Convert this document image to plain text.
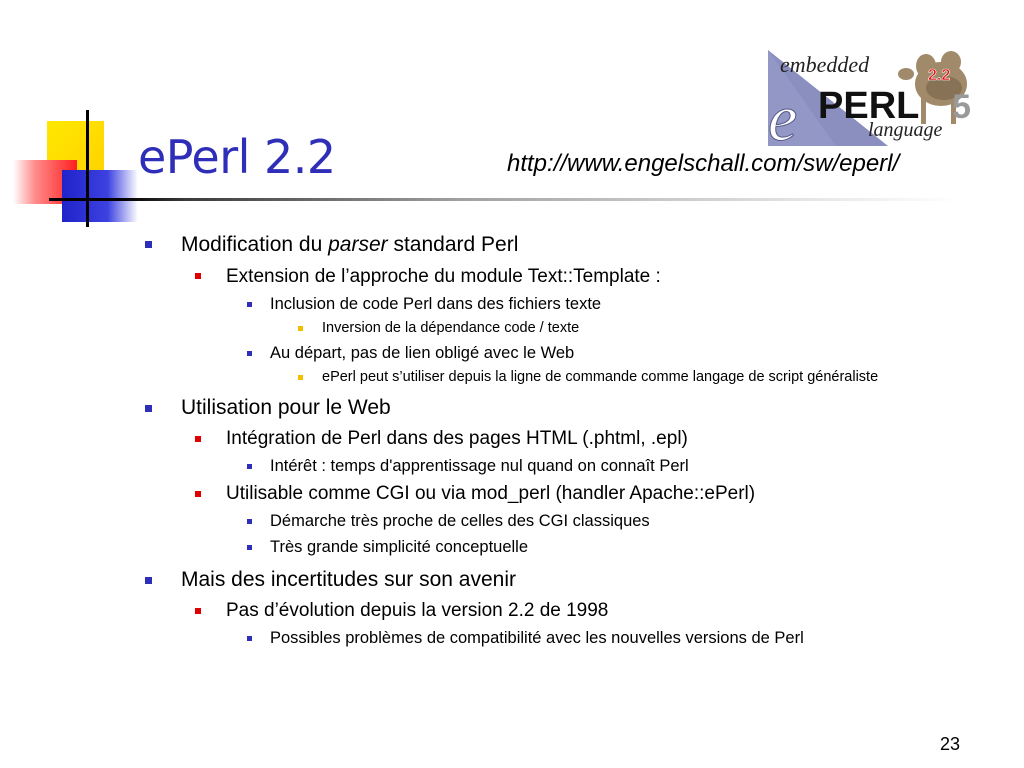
ePerl 2.2	http://www.engelschall.com/sw/eperl/
embedded
e PERL 5
2.2
language
Modification du parser standard Perl
Extension de l’approche du module Text::Template :
Inclusion de code Perl dans des fichiers texte
Inversion de la dépendance code / texte
Au départ, pas de lien obligé avec le Web
ePerl peut s’utiliser depuis la ligne de commande comme langage de script généraliste
Utilisation pour le Web
Intégration de Perl dans des pages HTML (.phtml, .epl)
Intérêt : temps d'apprentissage nul quand on connaît Perl
Utilisable comme CGI ou via mod_perl (handler Apache::ePerl)
Démarche très proche de celles des CGI classiques
Très grande simplicité conceptuelle
Mais des incertitudes sur son avenir
Pas d’évolution depuis la version 2.2 de 1998
Possibles problèmes de compatibilité avec les nouvelles versions de Perl
23
